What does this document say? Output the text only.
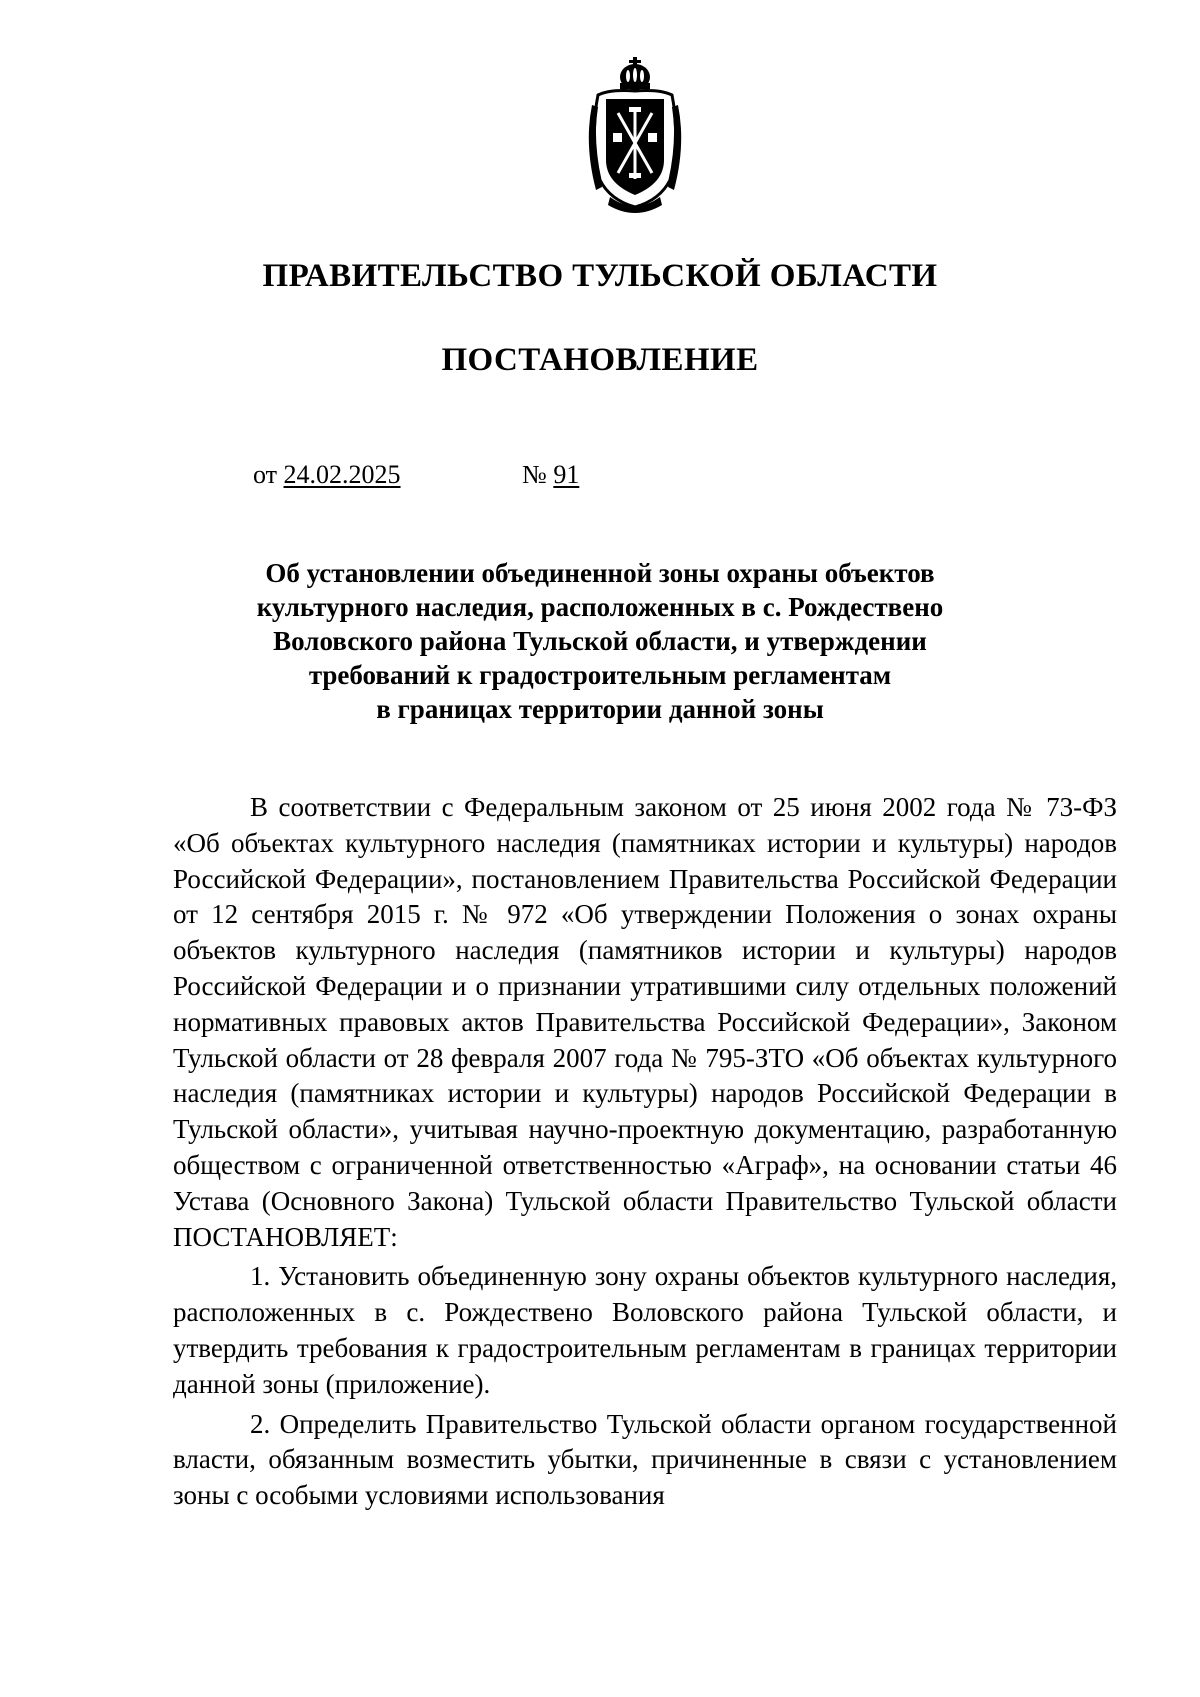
ПРАВИТЕЛЬСТВО ТУЛЬСКОЙ ОБЛАСТИ
ПОСТАНОВЛЕНИЕ
от 24.02.2025	№ 91
Об установлении объединенной зоны охраны объектов
культурного наследия, расположенных в с. Рождествено
Воловского района Тульской области, и утверждении
требований к градостроительным регламентам
в границах территории данной зоны

В соответствии с Федеральным законом от 25 июня 2002 года № 73-ФЗ «Об объектах культурного наследия (памятниках истории и культуры) народов Российской Федерации», постановлением Правительства Российской Федерации от 12 сентября 2015 г. № 972 «Об утверждении Положения о зонах охраны объектов культурного наследия (памятников истории и культуры) народов Российской Федерации и о признании утратившими силу отдельных положений нормативных правовых актов Правительства Российской Федерации», Законом Тульской области от 28 февраля 2007 года № 795-ЗТО «Об объектах культурного наследия (памятниках истории и культуры) народов Российской Федерации в Тульской области», учитывая научно-проектную документацию, разработанную обществом с ограниченной ответственностью «Аграф», на основании статьи 46 Устава (Основного Закона) Тульской области Правительство Тульской области ПОСТАНОВЛЯЕТ:

1. Установить объединенную зону охраны объектов культурного наследия, расположенных в с. Рождествено Воловского района Тульской области, и утвердить требования к градостроительным регламентам в границах территории данной зоны (приложение).

2. Определить Правительство Тульской области органом государственной власти, обязанным возместить убытки, причиненные в связи с установлением зоны с особыми условиями использования
